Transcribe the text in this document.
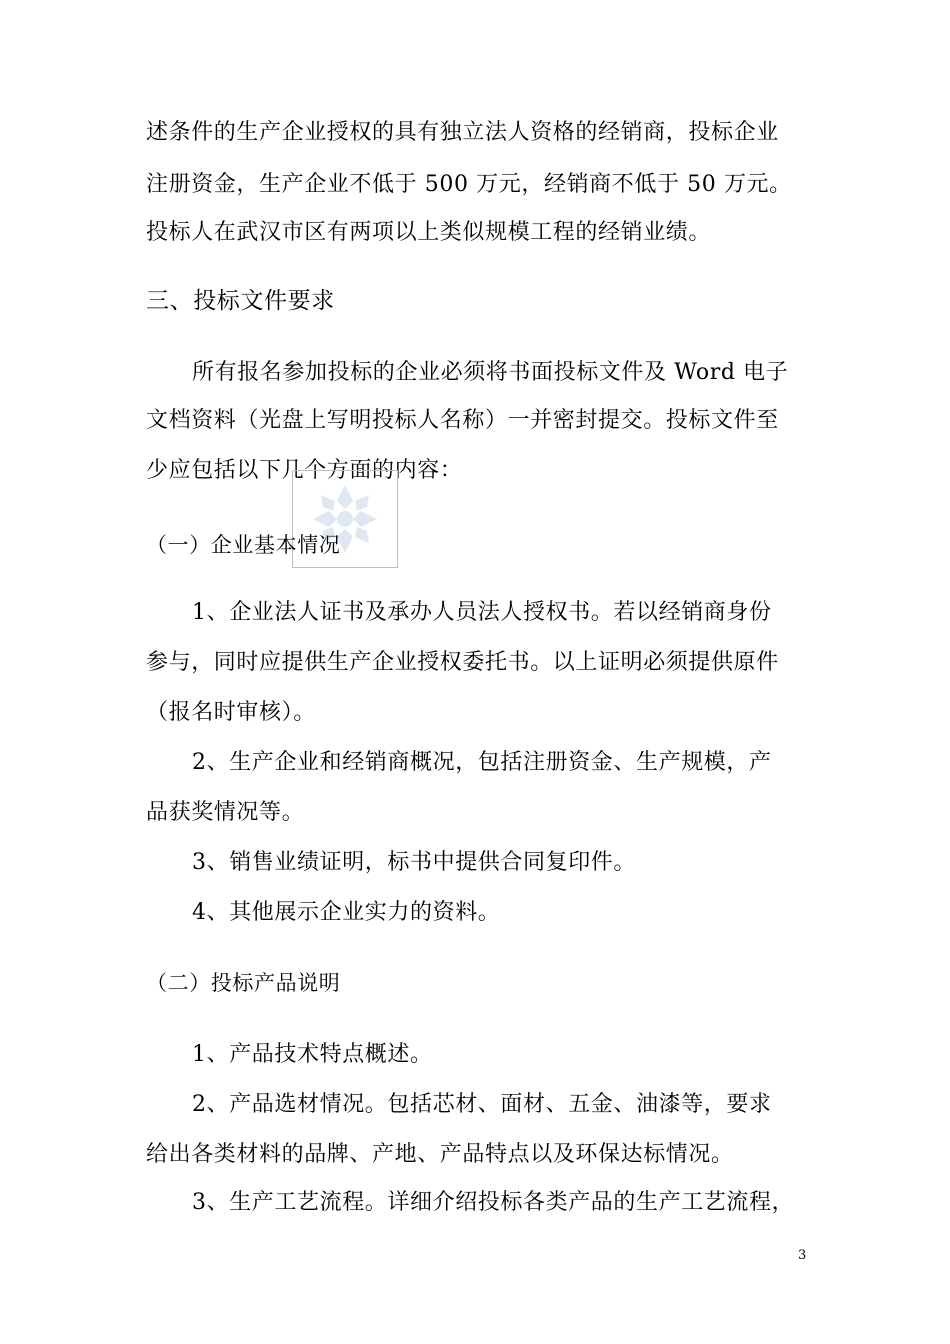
述条件的生产企业授权的具有独立法人资格的经销商，投标企业
注册资金，生产企业不低于 500 万元，经销商不低于 50 万元。
投标人在武汉市区有两项以上类似规模工程的经销业绩。
三、投标文件要求
所有报名参加投标的企业必须将书面投标文件及 Word 电子
文档资料（光盘上写明投标人名称）一并密封提交。投标文件至
少应包括以下几个方面的内容：
（一）企业基本情况
1、企业法人证书及承办人员法人授权书。若以经销商身份
参与，同时应提供生产企业授权委托书。以上证明必须提供原件
（报名时审核）。
2、生产企业和经销商概况，包括注册资金、生产规模，产
品获奖情况等。
3、销售业绩证明，标书中提供合同复印件。
4、其他展示企业实力的资料。
（二）投标产品说明
1、产品技术特点概述。
2、产品选材情况。包括芯材、面材、五金、油漆等，要求
给出各类材料的品牌、产地、产品特点以及环保达标情况。
3、生产工艺流程。详细介绍投标各类产品的生产工艺流程，
3
